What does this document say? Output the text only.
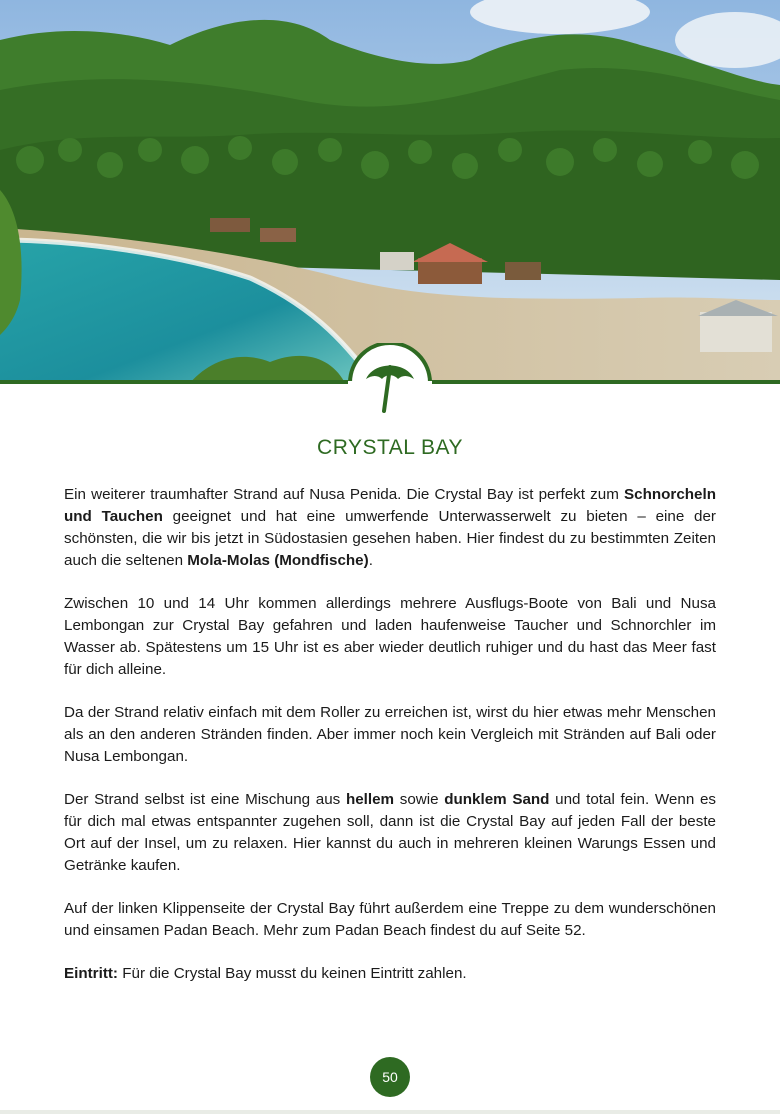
CRYSTAL BAY

Ein weiterer traumhafter Strand auf Nusa Penida. Die Crystal Bay ist perfekt zum Schnorcheln und Tauchen geeignet und hat eine umwerfende Unterwasserwelt zu bieten – eine der schönsten, die wir bis jetzt in Südostasien gesehen haben. Hier findest du zu bestimmten Zeiten auch die seltenen Mola-Molas (Mondfische).

Zwischen 10 und 14 Uhr kommen allerdings mehrere Ausflugs-Boote von Bali und Nusa Lembongan zur Crystal Bay gefahren und laden haufenweise Taucher und Schnorchler im Wasser ab. Spätestens um 15 Uhr ist es aber wieder deutlich ruhiger und du hast das Meer fast für dich alleine.

Da der Strand relativ einfach mit dem Roller zu erreichen ist, wirst du hier etwas mehr Menschen als an den anderen Stränden finden. Aber immer noch kein Vergleich mit Stränden auf Bali oder Nusa Lembongan.

Der Strand selbst ist eine Mischung aus hellem sowie dunklem Sand und total fein. Wenn es für dich mal etwas entspannter zugehen soll, dann ist die Crystal Bay auf jeden Fall der beste Ort auf der Insel, um zu relaxen. Hier kannst du auch in mehreren kleinen Warungs Essen und Getränke kaufen.

Auf der linken Klippenseite der Crystal Bay führt außerdem eine Treppe zu dem wunderschönen und einsamen Padan Beach. Mehr zum Padan Beach findest du auf Seite 52.

Eintritt: Für die Crystal Bay musst du keinen Eintritt zahlen.

50
